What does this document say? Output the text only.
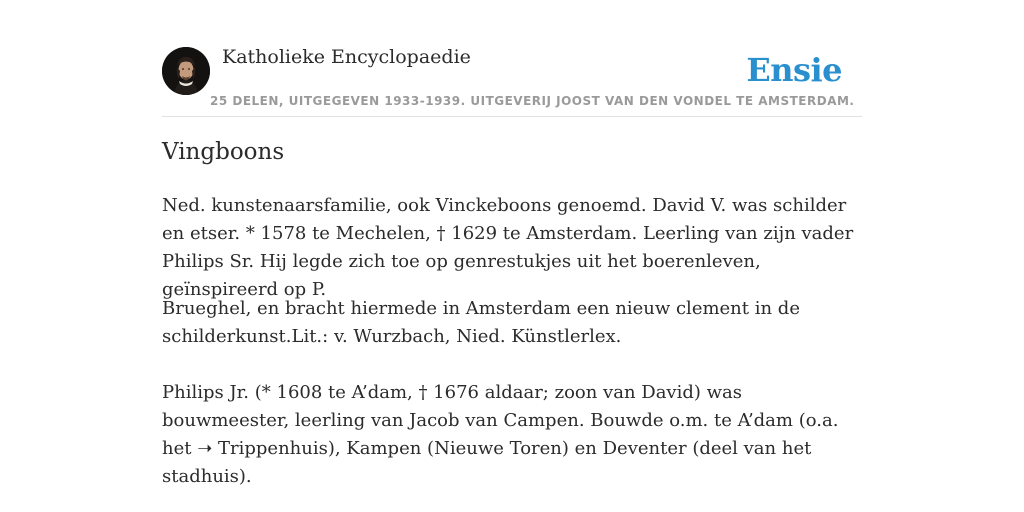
Katholieke Encyclopaedie
25 DELEN, UITGEGEVEN 1933-1939. UITGEVERIJ JOOST VAN DEN VONDEL TE AMSTERDAM.
Ensie
Vingboons

Ned. kunstenaarsfamilie, ook Vinckeboons genoemd. David V. was schilder en etser. * 1578 te Mechelen, † 1629 te Amsterdam. Leerling van zijn vader Philips Sr. Hij legde zich toe op genrestukjes uit het boerenleven, geïnspireerd op P.

Brueghel, en bracht hiermede in Amsterdam een nieuw clement in de schilderkunst.Lit.: v. Wurzbach, Nied. Künstlerlex.

Philips Jr. (* 1608 te A’dam, † 1676 aldaar; zoon van David) was bouwmeester, leerling van Jacob van Campen. Bouwde o.m. te A’dam (o.a. het ➝ Trippenhuis), Kampen (Nieuwe Toren) en Deventer (deel van het stadhuis).
